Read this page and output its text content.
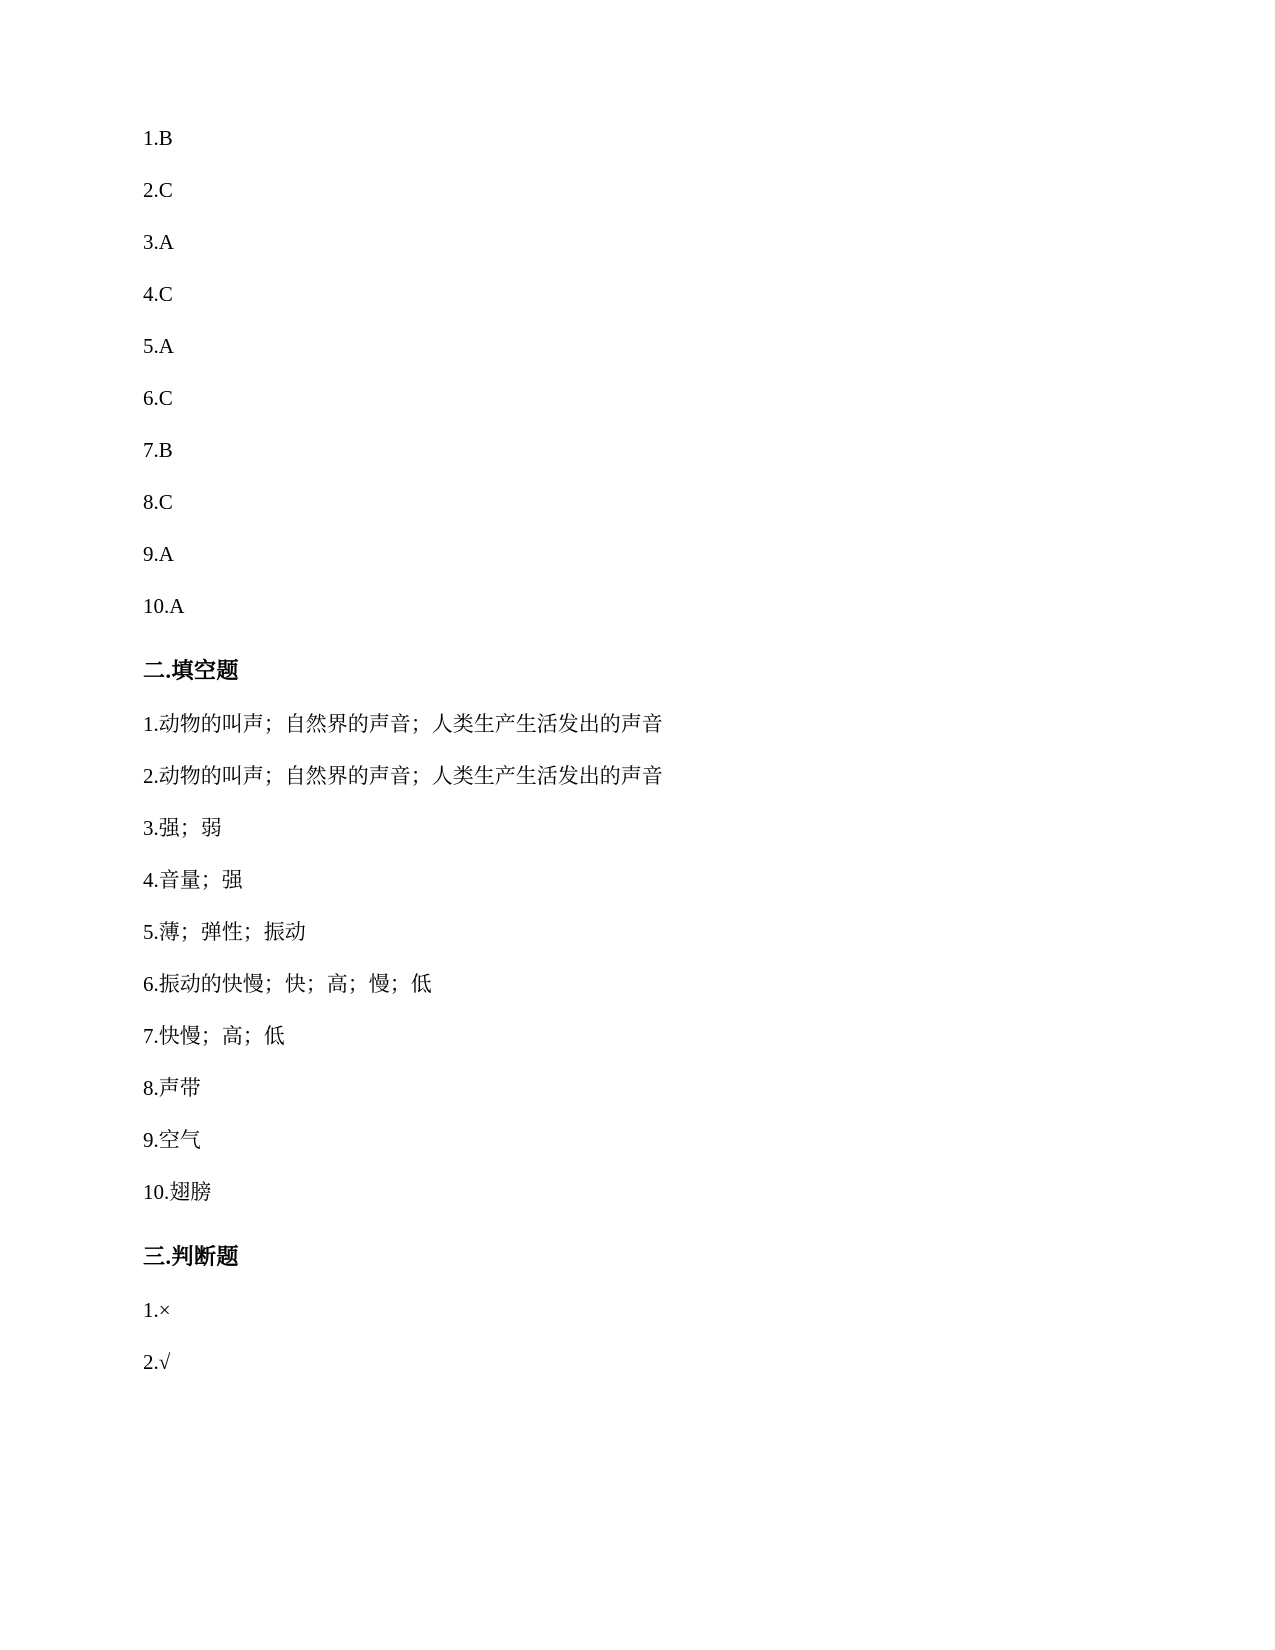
1.B

2.C

3.A

4.C

5.A

6.C

7.B

8.C

9.A

10.A

二.填空题

1.动物的叫声；自然界的声音；人类生产生活发出的声音

2.动物的叫声；自然界的声音；人类生产生活发出的声音

3.强；弱

4.音量；强

5.薄；弹性；振动

6.振动的快慢；快；高；慢；低

7.快慢；高；低

8.声带

9.空气

10.翅膀

三.判断题

1.×

2.√
